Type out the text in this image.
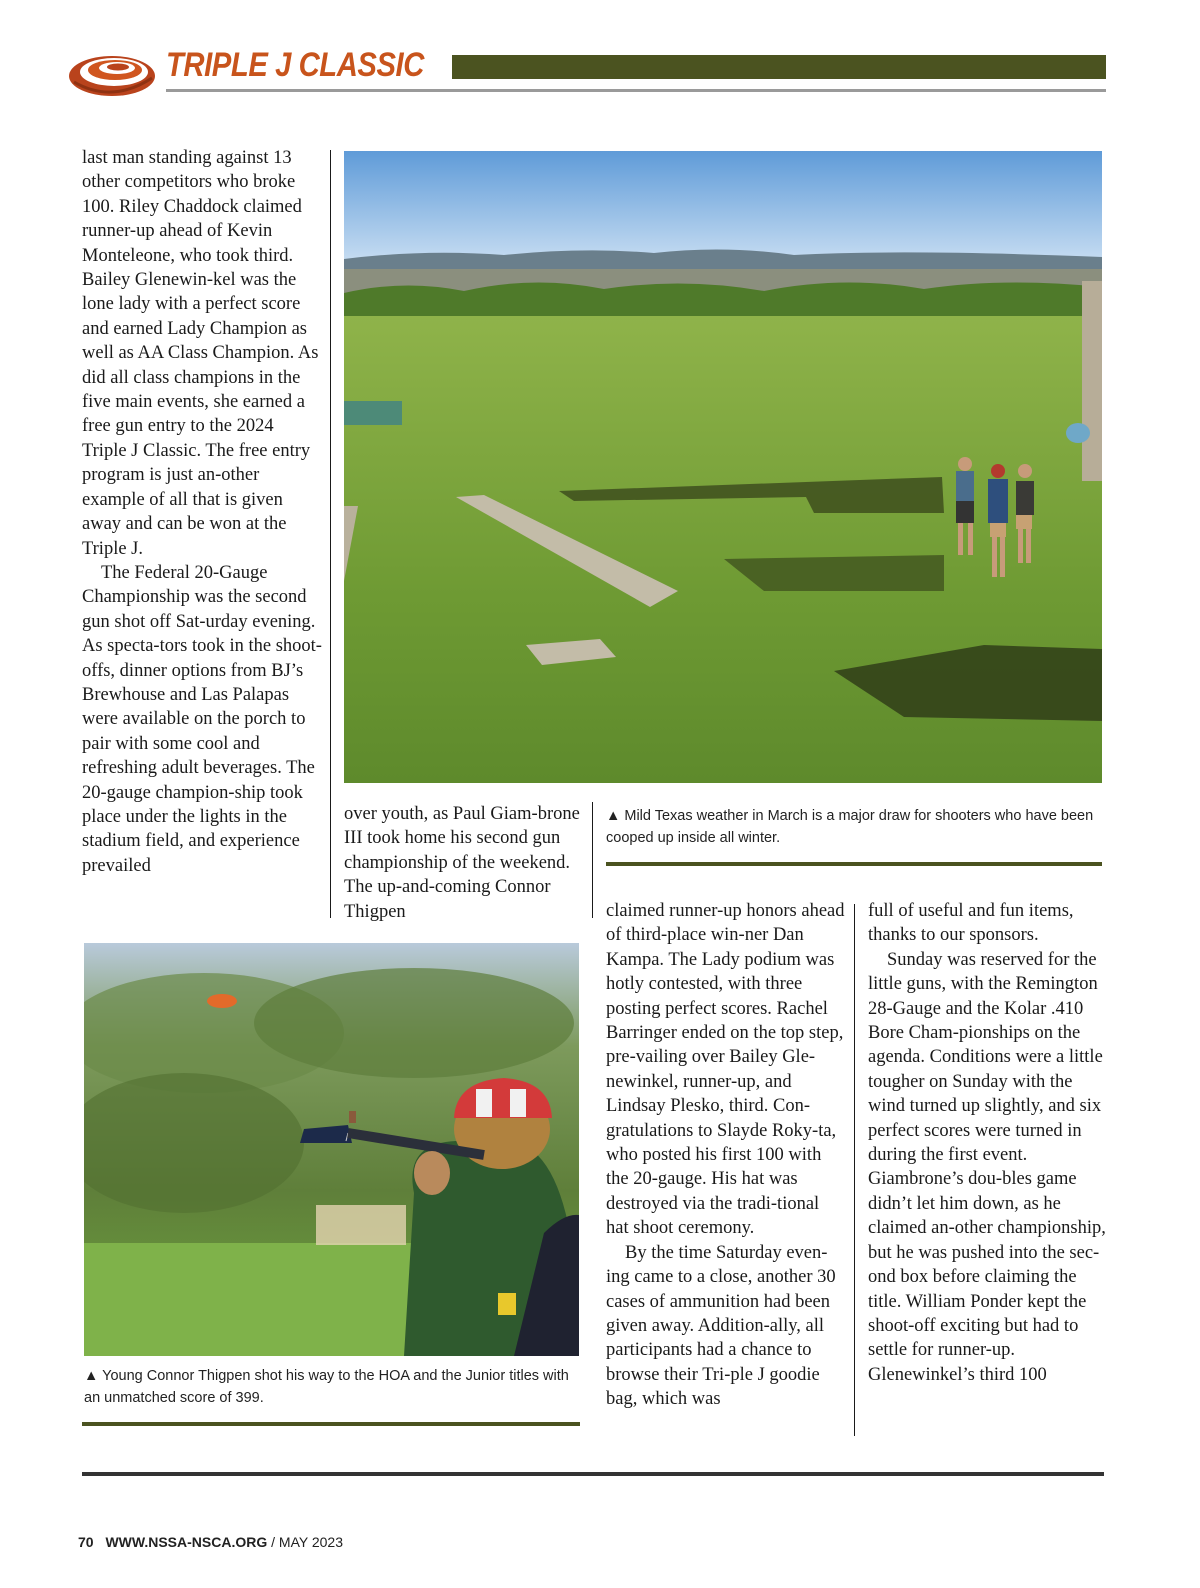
TRIPLE J CLASSIC

last man standing against 13 other competitors who broke 100. Riley Chaddock claimed runner-up ahead of Kevin Monteleone, who took third. Bailey Glenewin-kel was the lone lady with a perfect score and earned Lady Champion as well as AA Class Champion. As did all class champions in the five main events, she earned a free gun entry to the 2024 Triple J Classic. The free entry program is just an-other example of all that is given away and can be won at the Triple J.

The Federal 20-Gauge Championship was the second gun shot off Sat-urday evening. As specta-tors took in the shoot-offs, dinner options from BJ’s Brewhouse and Las Palapas were available on the porch to pair with some cool and refreshing adult beverages. The 20-gauge champion-ship took place under the lights in the stadium field, and experience prevailed

▲ Mild Texas weather in March is a major draw for shooters who have been cooped up inside all winter.

over youth, as Paul Giam-brone III took home his second gun championship of the weekend. The up-and-coming Connor Thigpen

▲ Young Connor Thigpen shot his way to the HOA and the Junior titles with an unmatched score of 399.

claimed runner-up honors ahead of third-place win-ner Dan Kampa. The Lady podium was hotly contested, with three posting perfect scores. Rachel Barringer ended on the top step, pre-vailing over Bailey Gle-newinkel, runner-up, and Lindsay Plesko, third. Con-gratulations to Slayde Roky-ta, who posted his first 100 with the 20-gauge. His hat was destroyed via the tradi-tional hat shoot ceremony.

By the time Saturday even-ing came to a close, another 30 cases of ammunition had been given away. Addition-ally, all participants had a chance to browse their Tri-ple J goodie bag, which was

full of useful and fun items, thanks to our sponsors.

Sunday was reserved for the little guns, with the Remington 28-Gauge and the Kolar .410 Bore Cham-pionships on the agenda. Conditions were a little tougher on Sunday with the wind turned up slightly, and six perfect scores were turned in during the first event. Giambrone’s dou-bles game didn’t let him down, as he claimed an-other championship, but he was pushed into the sec-ond box before claiming the title. William Ponder kept the shoot-off exciting but had to settle for runner-up. Glenewinkel’s third 100

70 WWW.NSSA-NSCA.ORG / MAY 2023
